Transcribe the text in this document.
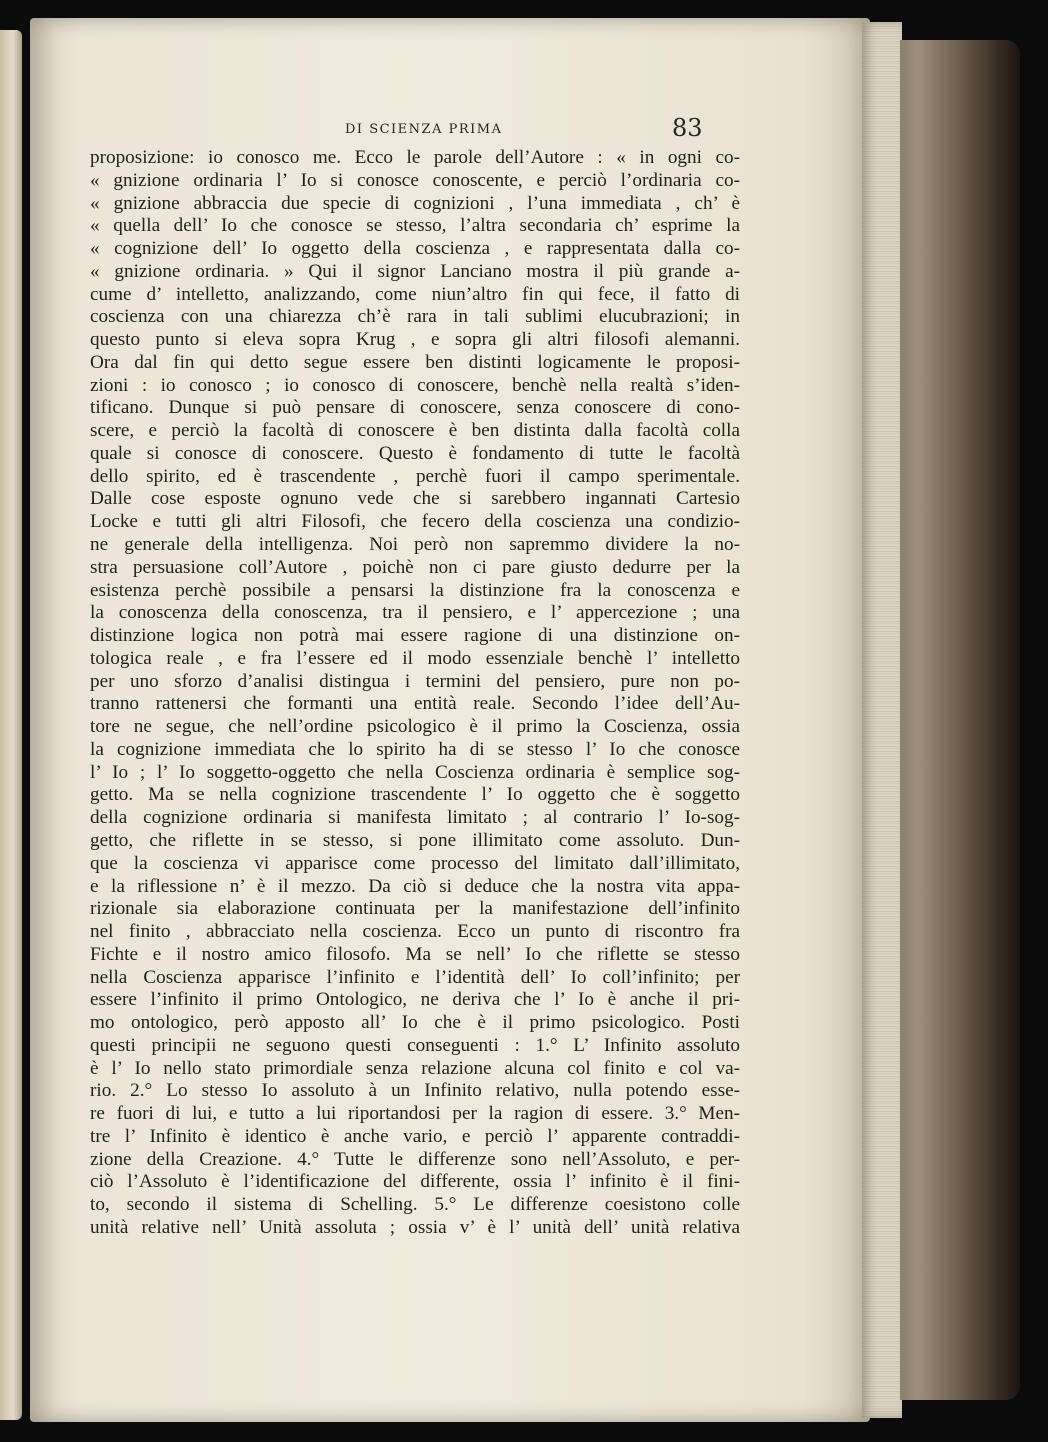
DI SCIENZA PRIMA	83
proposizione: io conosco me. Ecco le parole dell’Autore : « in ogni co-
« gnizione ordinaria l’ Io si conosce conoscente, e perciò l’ordinaria co-
« gnizione abbraccia due specie di cognizioni , l’una immediata , ch’ è
« quella dell’ Io che conosce se stesso, l’altra secondaria ch’ esprime la
« cognizione dell’ Io oggetto della coscienza , e rappresentata dalla co-
« gnizione ordinaria. » Qui il signor Lanciano mostra il più grande a-
cume d’ intelletto, analizzando, come niun’altro fin qui fece, il fatto di
coscienza con una chiarezza ch’è rara in tali sublimi elucubrazioni; in
questo punto si eleva sopra Krug , e sopra gli altri filosofi alemanni.
Ora dal fin qui detto segue essere ben distinti logicamente le proposi-
zioni : io conosco ; io conosco di conoscere, benchè nella realtà s’iden-
tificano. Dunque si può pensare di conoscere, senza conoscere di cono-
scere, e perciò la facoltà di conoscere è ben distinta dalla facoltà colla
quale si conosce di conoscere. Questo è fondamento di tutte le facoltà
dello spirito, ed è trascendente , perchè fuori il campo sperimentale.
Dalle cose esposte ognuno vede che si sarebbero ingannati Cartesio
Locke e tutti gli altri Filosofi, che fecero della coscienza una condizio-
ne generale della intelligenza. Noi però non sapremmo dividere la no-
stra persuasione coll’Autore , poichè non ci pare giusto dedurre per la
esistenza perchè possibile a pensarsi la distinzione fra la conoscenza e
la conoscenza della conoscenza, tra il pensiero, e l’ appercezione ; una
distinzione logica non potrà mai essere ragione di una distinzione on-
tologica reale , e fra l’essere ed il modo essenziale benchè l’ intelletto
per uno sforzo d’analisi distingua i termini del pensiero, pure non po-
tranno rattenersi che formanti una entità reale. Secondo l’idee dell’Au-
tore ne segue, che nell’ordine psicologico è il primo la Coscienza, ossia
la cognizione immediata che lo spirito ha di se stesso l’ Io che conosce
l’ Io ; l’ Io soggetto-oggetto che nella Coscienza ordinaria è semplice sog-
getto. Ma se nella cognizione trascendente l’ Io oggetto che è soggetto
della cognizione ordinaria si manifesta limitato ; al contrario l’ Io-sog-
getto, che riflette in se stesso, si pone illimitato come assoluto. Dun-
que la coscienza vi apparisce come processo del limitato dall’illimitato,
e la riflessione n’ è il mezzo. Da ciò si deduce che la nostra vita appa-
rizionale sia elaborazione continuata per la manifestazione dell’infinito
nel finito , abbracciato nella coscienza. Ecco un punto di riscontro fra
Fichte e il nostro amico filosofo. Ma se nell’ Io che riflette se stesso
nella Coscienza apparisce l’infinito e l’identità dell’ Io coll’infinito; per
essere l’infinito il primo Ontologico, ne deriva che l’ Io è anche il pri-
mo ontologico, però apposto all’ Io che è il primo psicologico. Posti
questi principii ne seguono questi conseguenti : 1.° L’ Infinito assoluto
è l’ Io nello stato primordiale senza relazione alcuna col finito e col va-
rio. 2.° Lo stesso Io assoluto à un Infinito relativo, nulla potendo esse-
re fuori di lui, e tutto a lui riportandosi per la ragion di essere. 3.° Men-
tre l’ Infinito è identico è anche vario, e perciò l’ apparente contraddi-
zione della Creazione. 4.° Tutte le differenze sono nell’Assoluto, e per-
ciò l’Assoluto è l’identificazione del differente, ossia l’ infinito è il fini-
to, secondo il sistema di Schelling. 5.° Le differenze coesistono colle
unità relative nell’ Unità assoluta ; ossia v’ è l’ unità dell’ unità relativa
